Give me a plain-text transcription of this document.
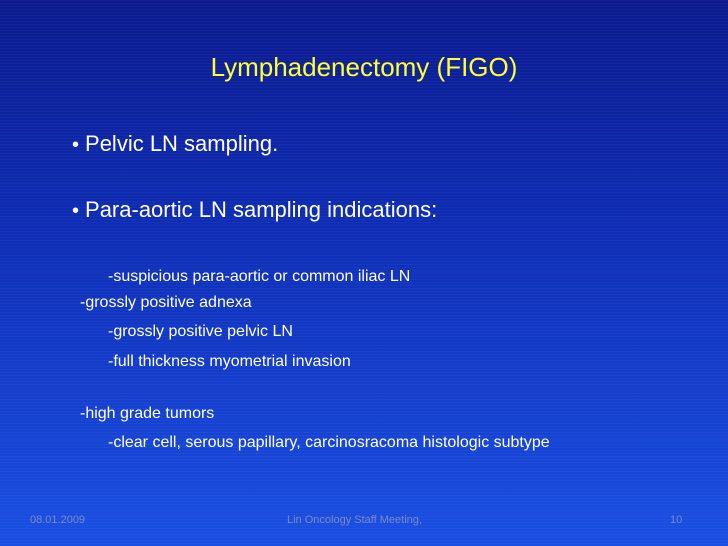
Lymphadenectomy (FIGO)
• Pelvic LN sampling.
• Para-aortic LN sampling indications:
-suspicious para-aortic or common iliac LN
-grossly positive adnexa
-grossly positive pelvic LN
-full thickness myometrial invasion
-high grade tumors
-clear cell, serous papillary, carcinosracoma histologic subtype
08.01.2009	Lin Oncology Staff Meeting,	10
